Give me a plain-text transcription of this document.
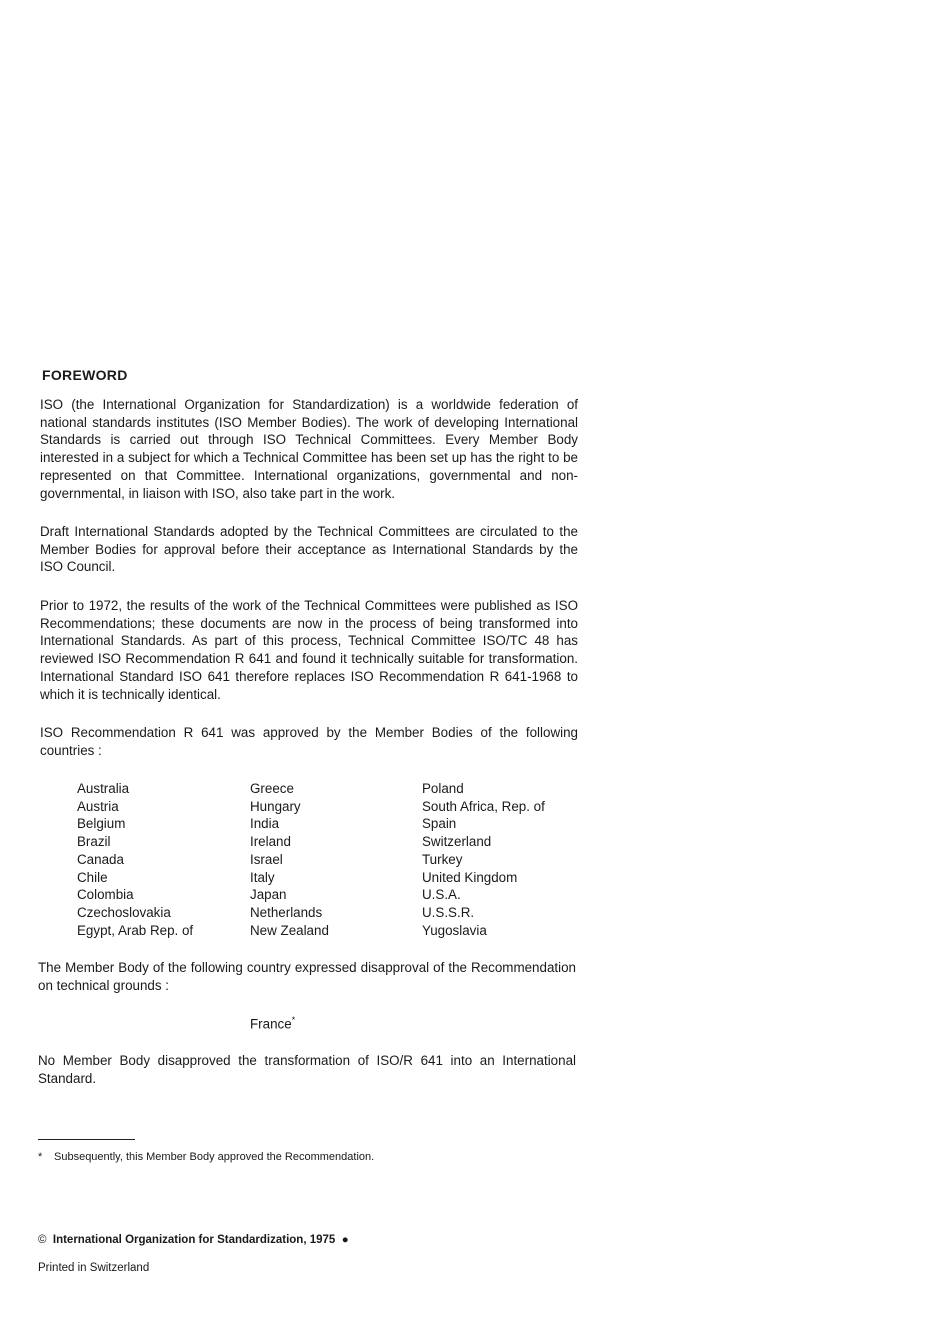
FOREWORD
ISO (the International Organization for Standardization) is a worldwide federation of national standards institutes (ISO Member Bodies). The work of developing International Standards is carried out through ISO Technical Committees. Every Member Body interested in a subject for which a Technical Committee has been set up has the right to be represented on that Committee. International organizations, governmental and non-governmental, in liaison with ISO, also take part in the work.
Draft International Standards adopted by the Technical Committees are circulated to the Member Bodies for approval before their acceptance as International Standards by the ISO Council.
Prior to 1972, the results of the work of the Technical Committees were published as ISO Recommendations; these documents are now in the process of being transformed into International Standards. As part of this process, Technical Committee ISO/TC 48 has reviewed ISO Recommendation R 641 and found it technically suitable for transformation. International Standard ISO 641 therefore replaces ISO Recommendation R 641-1968 to which it is technically identical.
ISO Recommendation R 641 was approved by the Member Bodies of the following countries :
Australia
Austria
Belgium
Brazil
Canada
Chile
Colombia
Czechoslovakia
Egypt, Arab Rep. of
Greece
Hungary
India
Ireland
Israel
Italy
Japan
Netherlands
New Zealand
Poland
South Africa, Rep. of
Spain
Switzerland
Turkey
United Kingdom
U.S.A.
U.S.S.R.
Yugoslavia
The Member Body of the following country expressed disapproval of the Recommendation on technical grounds :
France*
No Member Body disapproved the transformation of ISO/R 641 into an International Standard.
* Subsequently, this Member Body approved the Recommendation.
© International Organization for Standardization, 1975 ●
Printed in Switzerland
